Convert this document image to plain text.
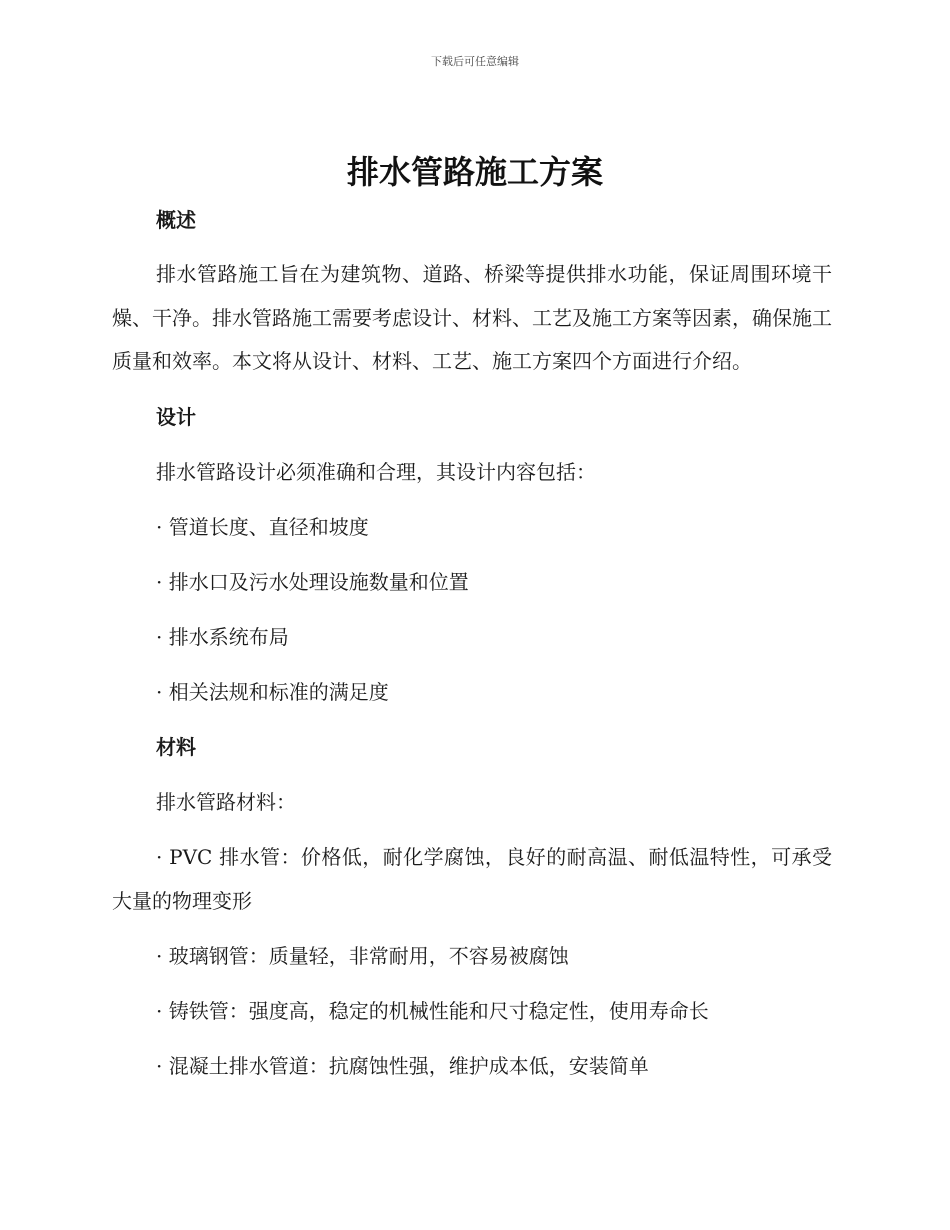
下载后可任意编辑
排水管路施工方案
概述

排水管路施工旨在为建筑物、道路、桥梁等提供排水功能，保证周围环境干燥、干净。排水管路施工需要考虑设计、材料、工艺及施工方案等因素，确保施工质量和效率。本文将从设计、材料、工艺、施工方案四个方面进行介绍。

设计

排水管路设计必须准确和合理，其设计内容包括：

· 管道长度、直径和坡度

· 排水口及污水处理设施数量和位置

· 排水系统布局

· 相关法规和标准的满足度

材料

排水管路材料：

· PVC 排水管：价格低，耐化学腐蚀，良好的耐高温、耐低温特性，可承受大量的物理变形

· 玻璃钢管：质量轻，非常耐用，不容易被腐蚀

· 铸铁管：强度高，稳定的机械性能和尺寸稳定性，使用寿命长

· 混凝土排水管道：抗腐蚀性强，维护成本低，安装简单
